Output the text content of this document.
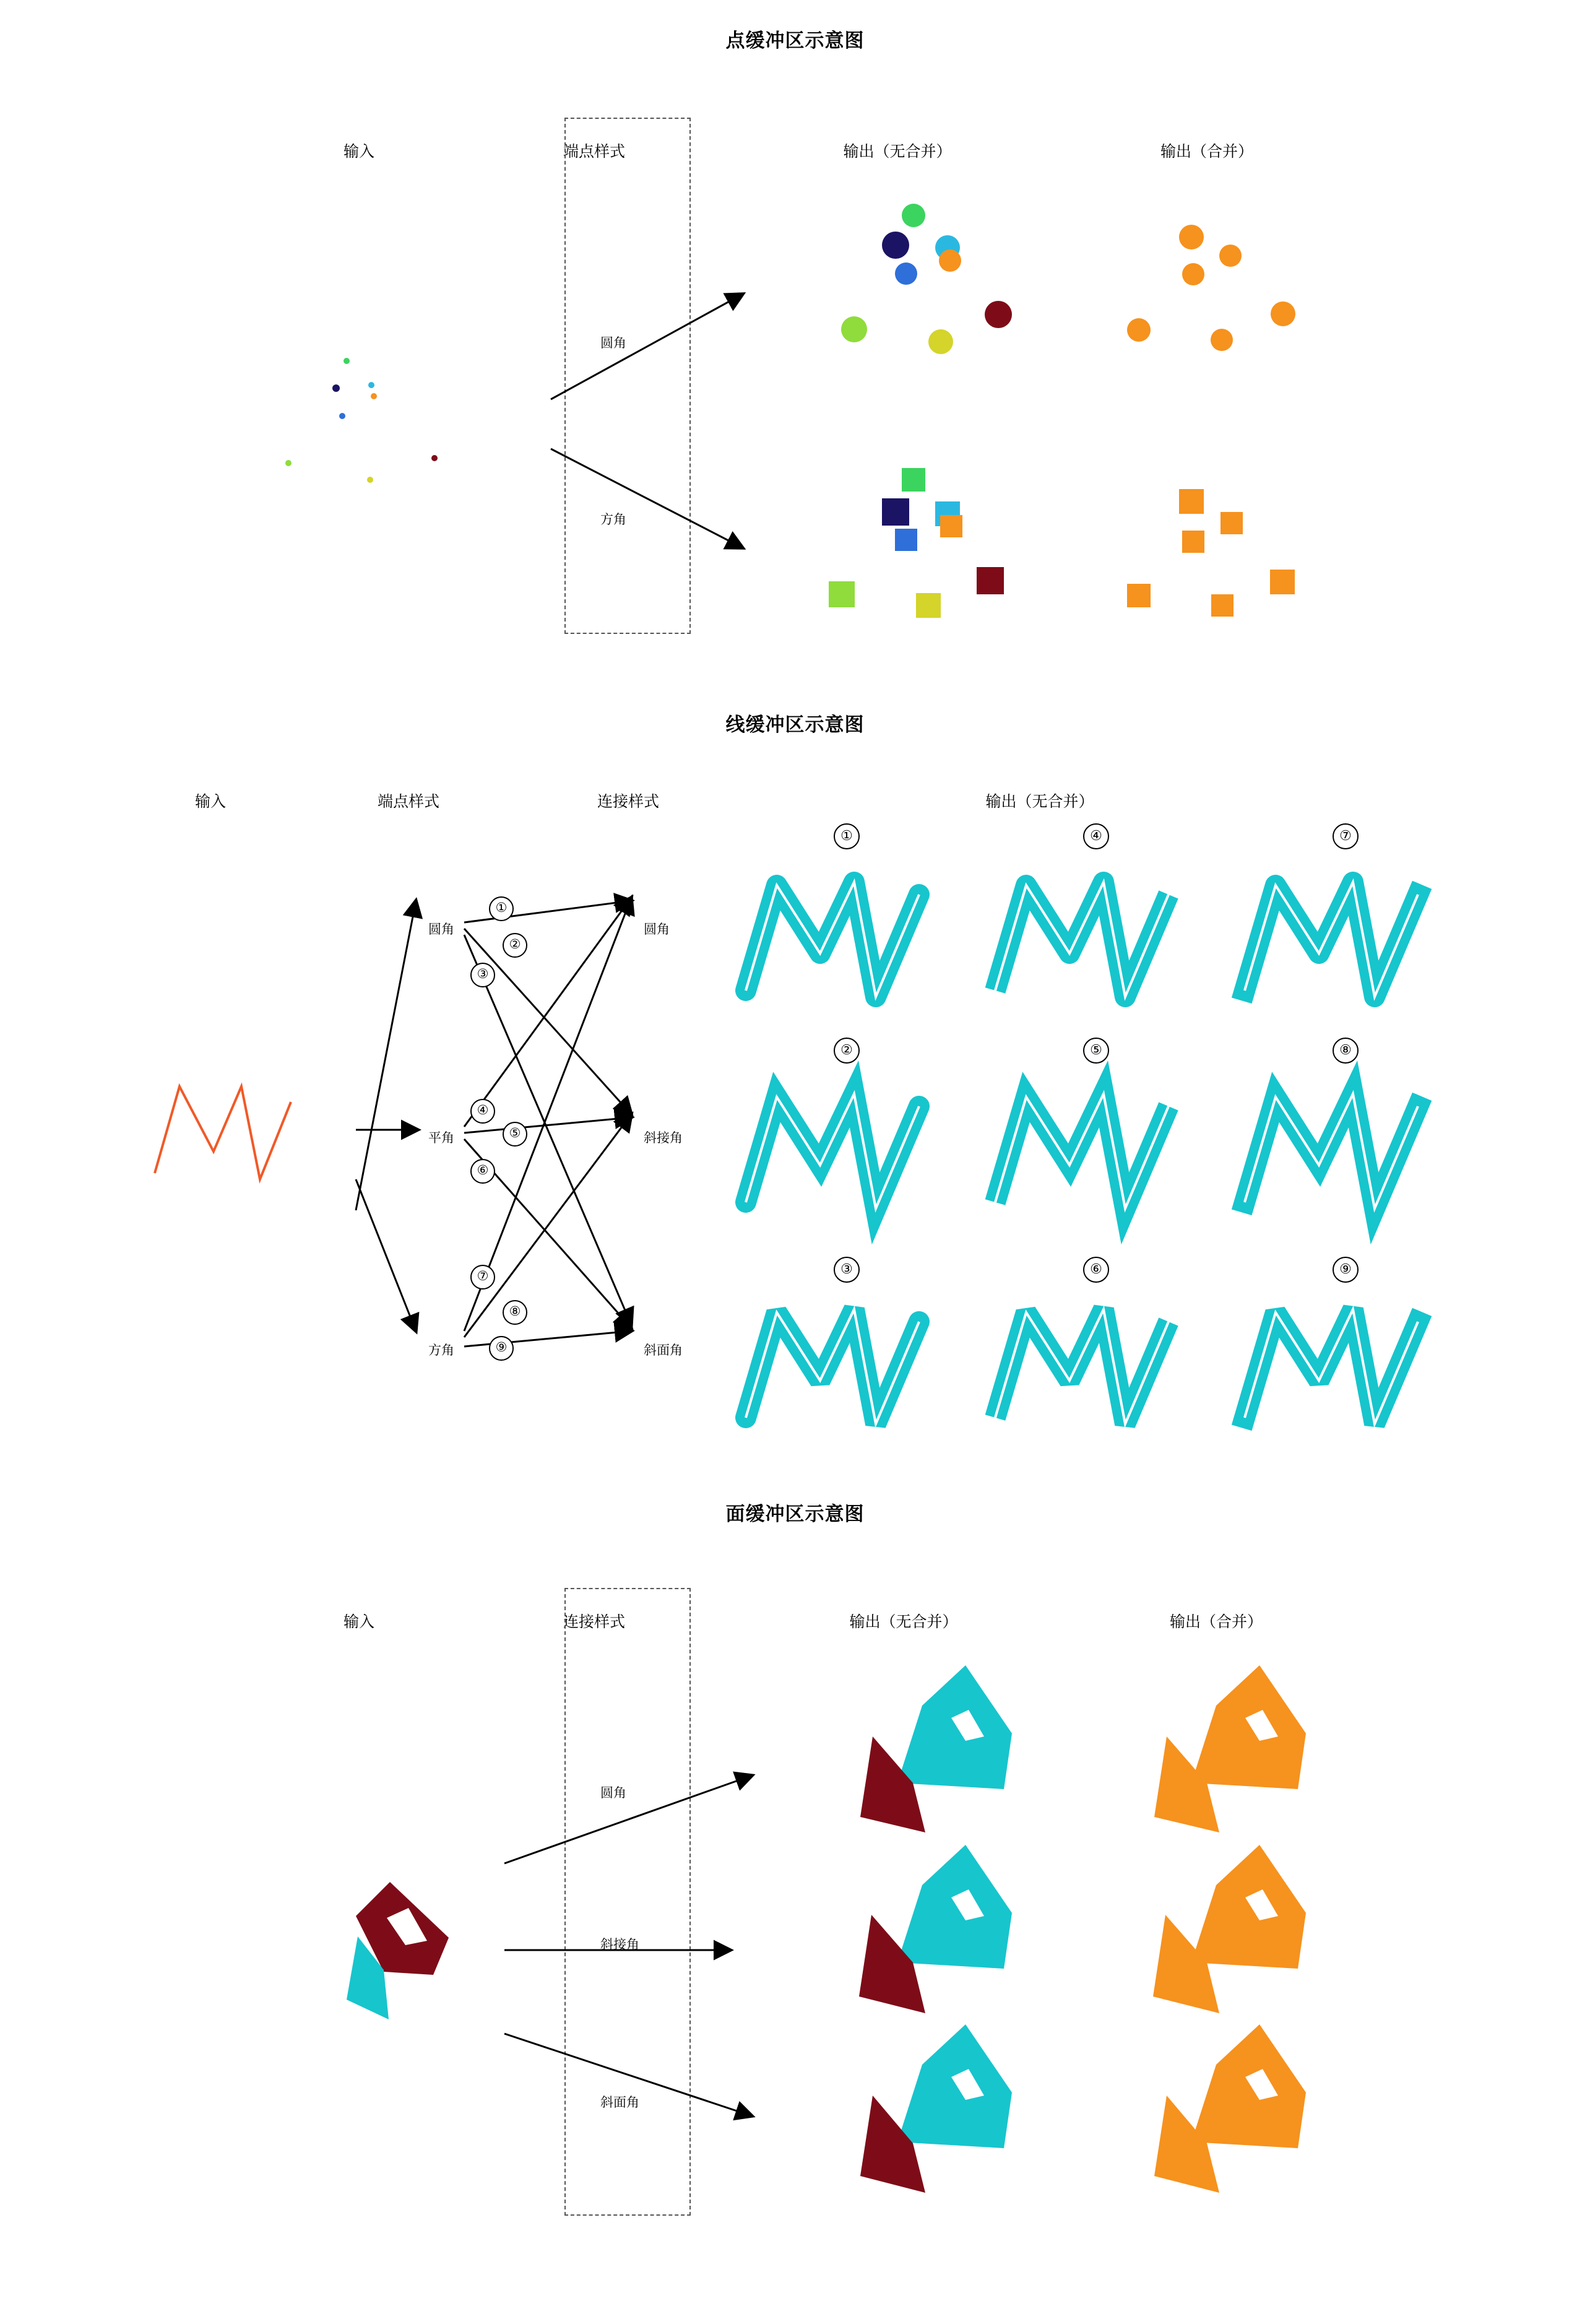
点缓冲区示意图
输入	端点样式	输出（无合并）	输出（合并）
圆角
方角
线缓冲区示意图
输入	端点样式	连接样式	输出（无合并）
圆角
平角
方角
圆角
斜接角
斜面角
①
②
③
④
⑤
⑥
⑦
⑧
⑨
①	④	⑦
②	⑤	⑧
③	⑥	⑨
面缓冲区示意图
输入	连接样式	输出（无合并）	输出（合并）
圆角
斜接角
斜面角
